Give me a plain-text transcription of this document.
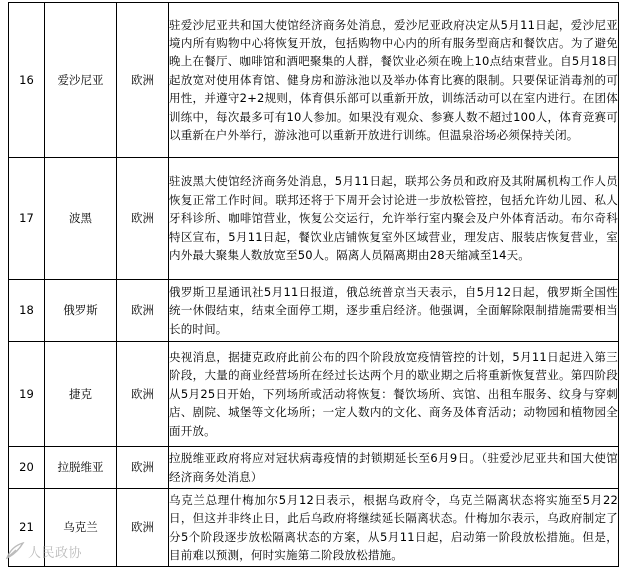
16	爱沙尼亚	欧洲	驻爱沙尼亚共和国大使馆经济商务处消息，爱沙尼亚政府决定从5月11日起，爱沙尼亚境内所有购物中心将恢复开放，包括购物中心内的所有服务型商店和餐饮店。为了避免晚上在餐厅、咖啡馆和酒吧聚集的人群，餐饮业必须在晚上10点结束营业。自5月18日起放宽对使用体育馆、健身房和游泳池以及举办体育比赛的限制。只要保证消毒剂的可用性，并遵守2+2规则，体育俱乐部可以重新开放，训练活动可以在室内进行。在团体训练中，每次最多可有10人参加。如果没有观众、参赛人数不超过100人，体育竞赛可以重新在户外举行，游泳池可以重新开放进行训练。但温泉浴场必须保持关闭。
17	波黑	欧洲	驻波黑大使馆经济商务处消息，5月11日起，联邦公务员和政府及其附属机构工作人员恢复正常工作时间。联邦还将于下周开会讨论进一步放松管控，包括允许幼儿园、私人牙科诊所、咖啡馆营业，恢复公交运行，允许举行室内聚会及户外体育活动。布尔奇科特区宣布，5月11日起，餐饮业店铺恢复室外区域营业，理发店、服装店恢复营业，室内外最大聚集人数放宽至50人。隔离人员隔离期由28天缩减至14天。
18	俄罗斯	欧洲	俄罗斯卫星通讯社5月11日报道，俄总统普京当天表示，自5月12日起，俄罗斯全国性统一休假结束，结束全面停工期，逐步重启经济。他强调，全面解除限制措施需要相当长的时间。
19	捷克	欧洲	央视消息，据捷克政府此前公布的四个阶段放宽疫情管控的计划，5月11日起进入第三阶段，大量的商业经营场所在经过长达两个月的歇业期之后将重新恢复营业。第四阶段从5月25日开始，下列场所或活动将恢复：餐饮场所、宾馆、出租车服务、纹身与穿刺店、剧院、城堡等文化场所；一定人数内的文化、商务及体育活动；动物园和植物园全面开放。
20	拉脱维亚	欧洲	拉脱维亚政府将应对冠状病毒疫情的封锁期延长至6月9日。（驻爱沙尼亚共和国大使馆经济商务处消息）
21	乌克兰	欧洲	乌克兰总理什梅加尔5月12日表示，根据乌政府令，乌克兰隔离状态将实施至5月22日，但这并非终止日，此后乌政府将继续延长隔离状态。什梅加尔表示，乌政府制定了分5个阶段逐步放松隔离状态的方案，从5月11日起，启动第一阶段放松措施。但是，目前难以预测，何时实施第二阶段放松措施。
人民政协
